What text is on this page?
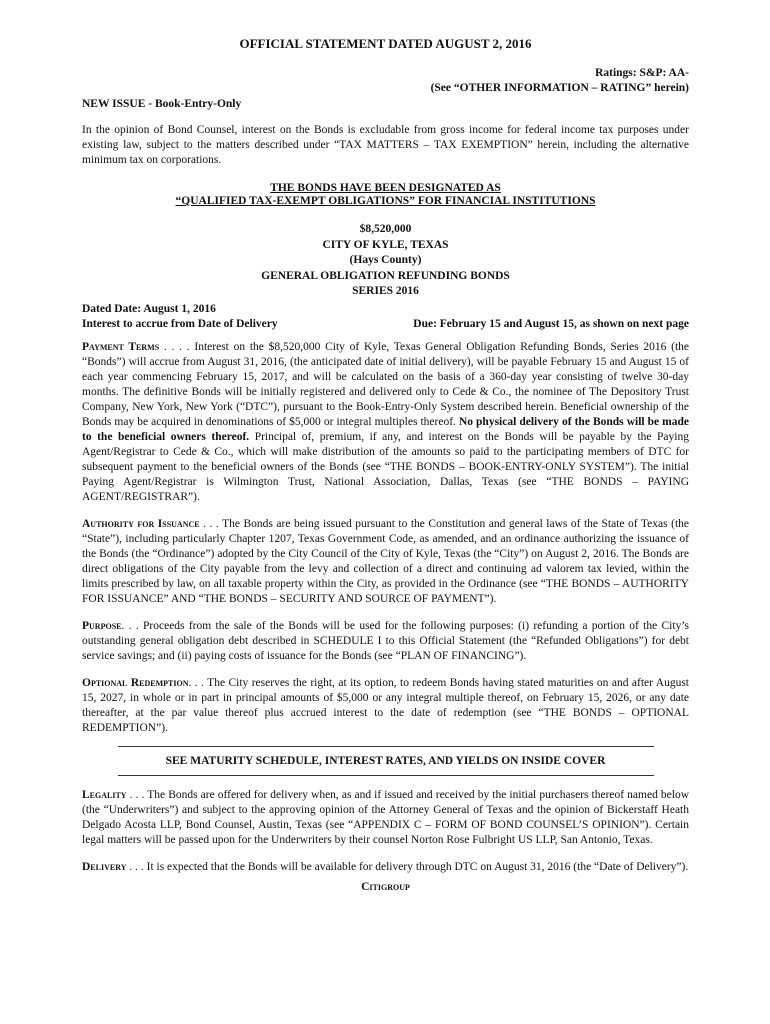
OFFICIAL STATEMENT DATED AUGUST 2, 2016
Ratings: S&P: AA-
(See “OTHER INFORMATION – RATING” herein)
NEW ISSUE - Book-Entry-Only

In the opinion of Bond Counsel, interest on the Bonds is excludable from gross income for federal income tax purposes under existing law, subject to the matters described under “TAX MATTERS – TAX EXEMPTION” herein, including the alternative minimum tax on corporations.

THE BONDS HAVE BEEN DESIGNATED AS
“QUALIFIED TAX-EXEMPT OBLIGATIONS” FOR FINANCIAL INSTITUTIONS
$8,520,000
CITY OF KYLE, TEXAS
(Hays County)
GENERAL OBLIGATION REFUNDING BONDS
SERIES 2016
Dated Date: August 1, 2016
Interest to accrue from Date of Delivery	Due: February 15 and August 15, as shown on next page

Payment Terms . . . . Interest on the $8,520,000 City of Kyle, Texas General Obligation Refunding Bonds, Series 2016 (the “Bonds”) will accrue from August 31, 2016, (the anticipated date of initial delivery), will be payable February 15 and August 15 of each year commencing February 15, 2017, and will be calculated on the basis of a 360-day year consisting of twelve 30-day months. The definitive Bonds will be initially registered and delivered only to Cede & Co., the nominee of The Depository Trust Company, New York, New York (“DTC”), pursuant to the Book-Entry-Only System described herein. Beneficial ownership of the Bonds may be acquired in denominations of $5,000 or integral multiples thereof. No physical delivery of the Bonds will be made to the beneficial owners thereof. Principal of, premium, if any, and interest on the Bonds will be payable by the Paying Agent/Registrar to Cede & Co., which will make distribution of the amounts so paid to the participating members of DTC for subsequent payment to the beneficial owners of the Bonds (see “THE BONDS – BOOK-ENTRY-ONLY SYSTEM”). The initial Paying Agent/Registrar is Wilmington Trust, National Association, Dallas, Texas (see “THE BONDS – PAYING AGENT/REGISTRAR”).

Authority for Issuance . . . The Bonds are being issued pursuant to the Constitution and general laws of the State of Texas (the “State”), including particularly Chapter 1207, Texas Government Code, as amended, and an ordinance authorizing the issuance of the Bonds (the “Ordinance”) adopted by the City Council of the City of Kyle, Texas (the “City”) on August 2, 2016. The Bonds are direct obligations of the City payable from the levy and collection of a direct and continuing ad valorem tax levied, within the limits prescribed by law, on all taxable property within the City, as provided in the Ordinance (see “THE BONDS – AUTHORITY FOR ISSUANCE” AND “THE BONDS – SECURITY AND SOURCE OF PAYMENT”).

Purpose. . . Proceeds from the sale of the Bonds will be used for the following purposes: (i) refunding a portion of the City’s outstanding general obligation debt described in SCHEDULE I to this Official Statement (the “Refunded Obligations”) for debt service savings; and (ii) paying costs of issuance for the Bonds (see “PLAN OF FINANCING”).

Optional Redemption. . . The City reserves the right, at its option, to redeem Bonds having stated maturities on and after August 15, 2027, in whole or in part in principal amounts of $5,000 or any integral multiple thereof, on February 15, 2026, or any date thereafter, at the par value thereof plus accrued interest to the date of redemption (see “THE BONDS – OPTIONAL REDEMPTION”).

SEE MATURITY SCHEDULE, INTEREST RATES, AND YIELDS ON INSIDE COVER

Legality . . . The Bonds are offered for delivery when, as and if issued and received by the initial purchasers thereof named below (the “Underwriters”) and subject to the approving opinion of the Attorney General of Texas and the opinion of Bickerstaff Heath Delgado Acosta LLP, Bond Counsel, Austin, Texas (see “APPENDIX C – FORM OF BOND COUNSEL’S OPINION”). Certain legal matters will be passed upon for the Underwriters by their counsel Norton Rose Fulbright US LLP, San Antonio, Texas.

Delivery . . . It is expected that the Bonds will be available for delivery through DTC on August 31, 2016 (the “Date of Delivery”).

Citigroup
